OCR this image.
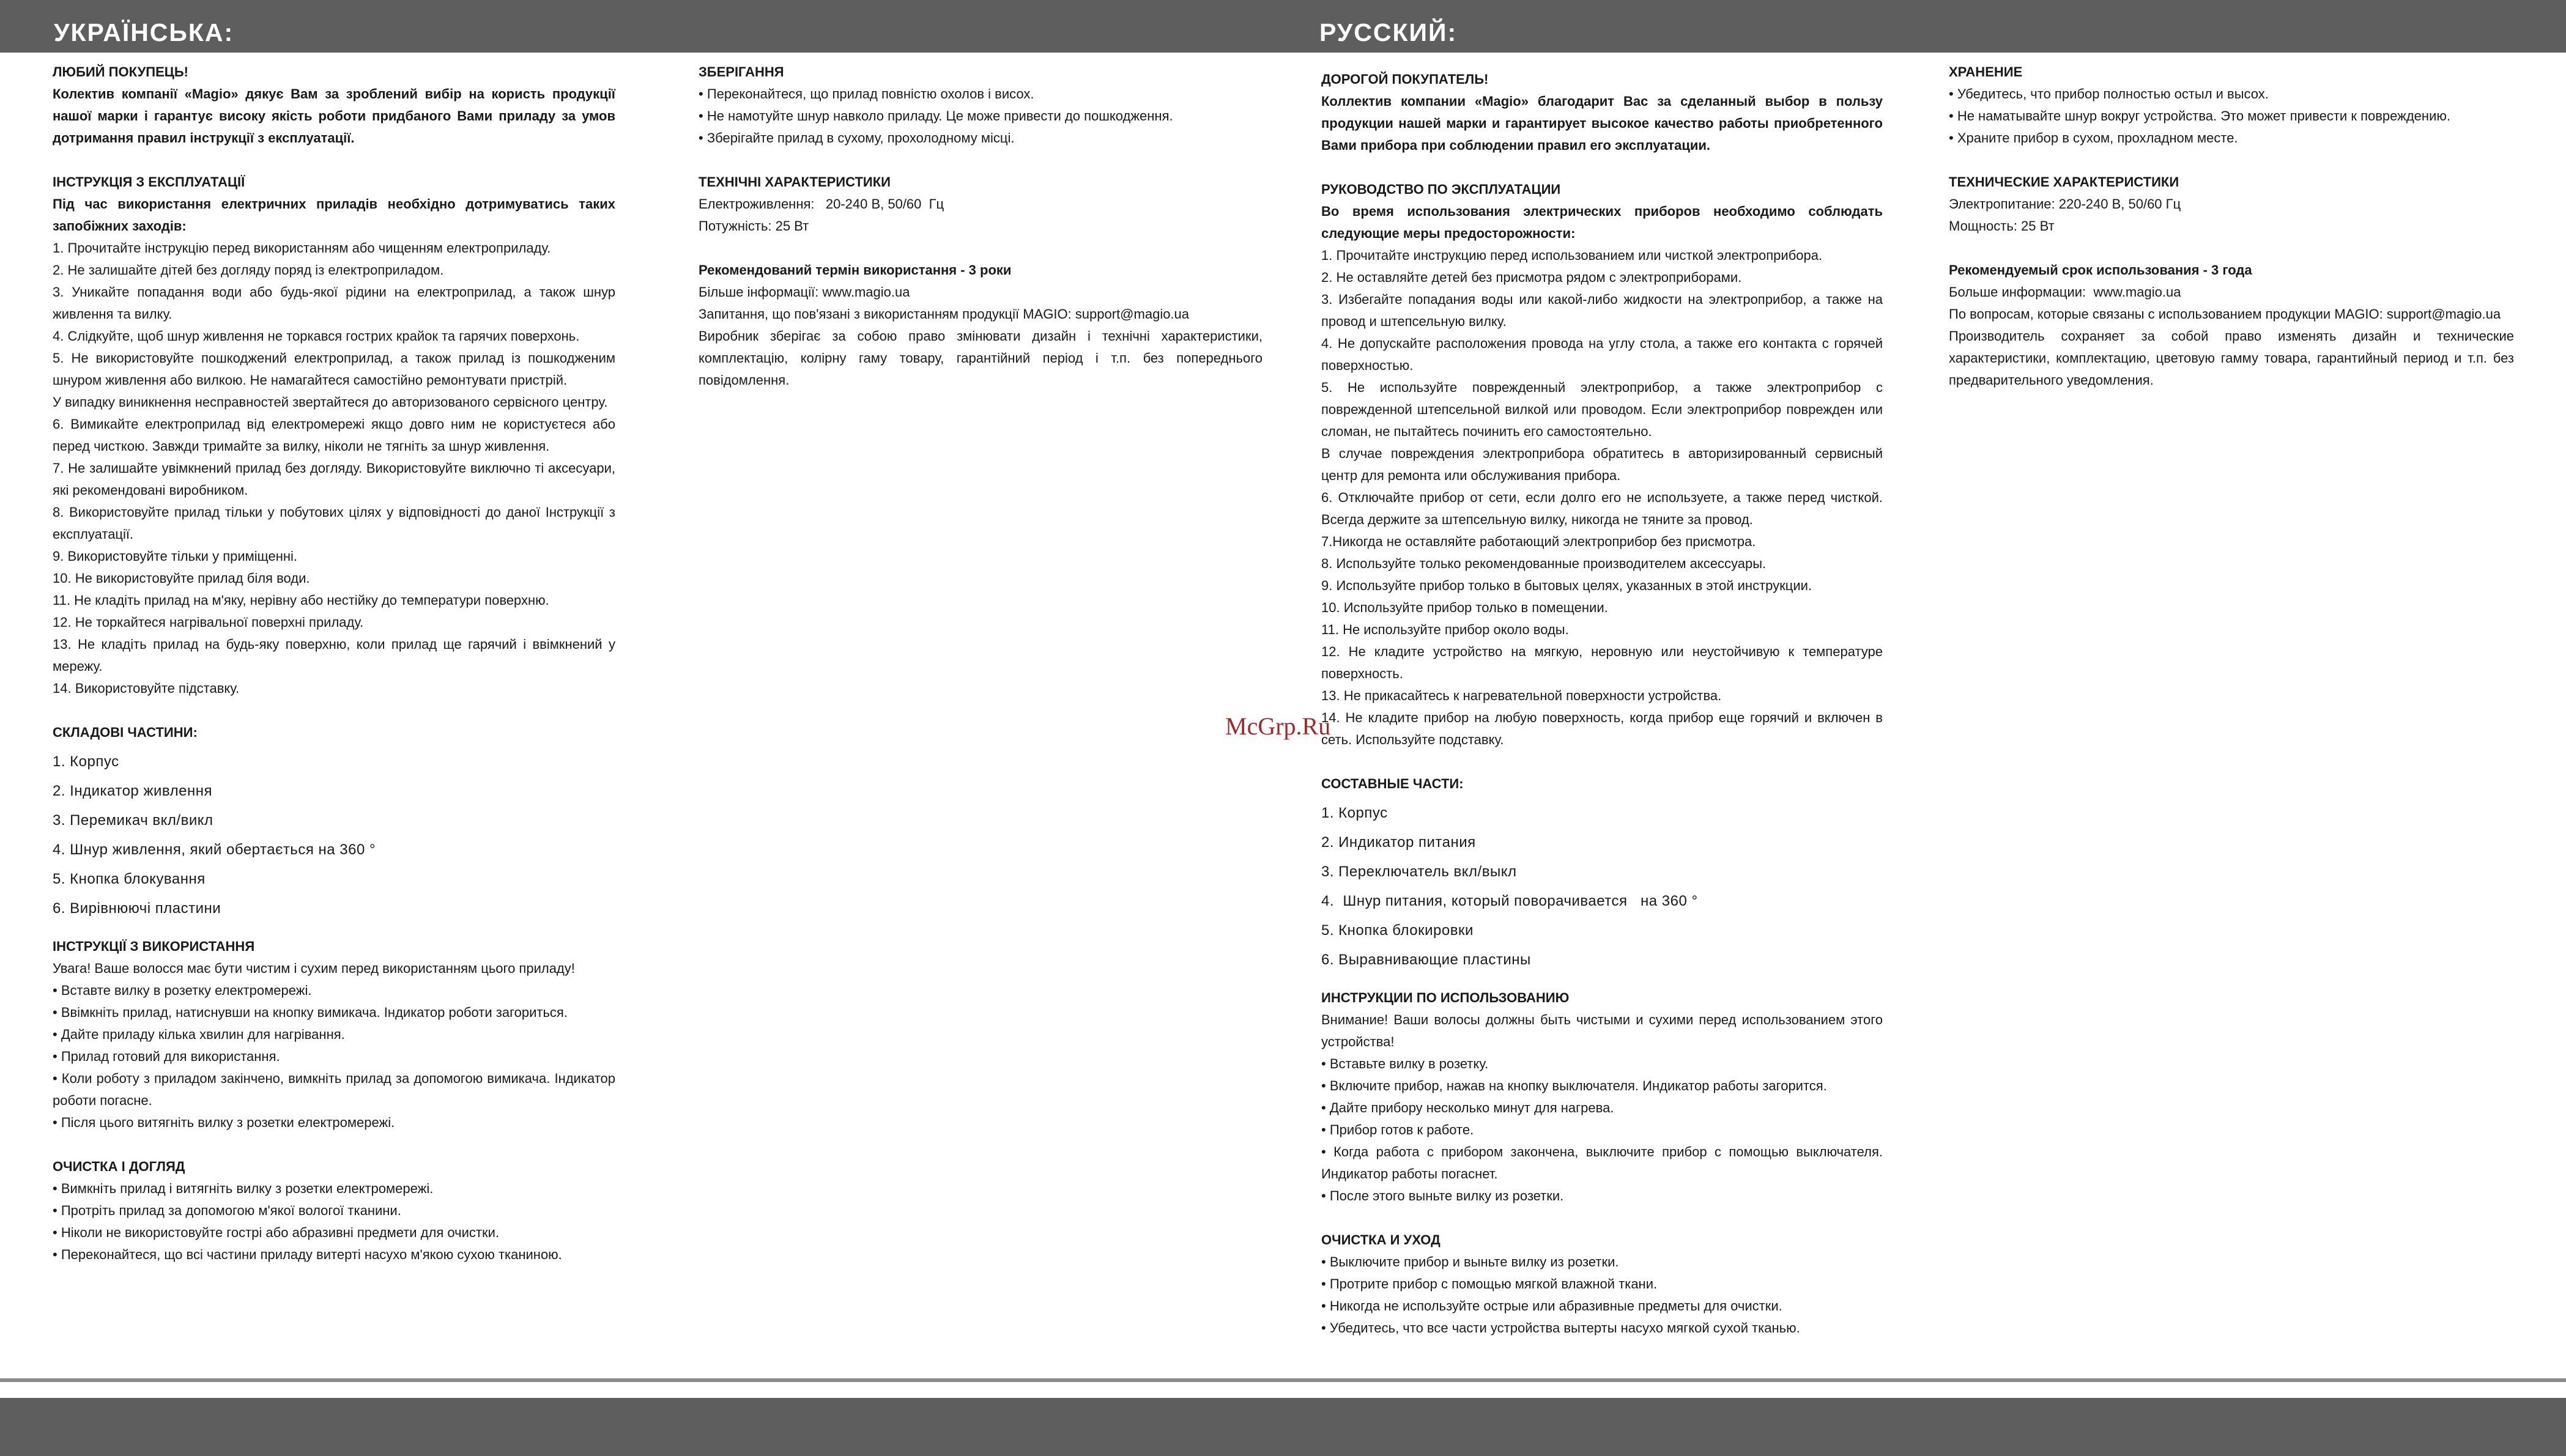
УКРАЇНСЬКА:	РУССКИЙ:

ЛЮБИЙ ПОКУПЕЦЬ!

Колектив компанії «Magio» дякує Вам за зроблений вибір на користь продукції нашої марки і гарантує високу якість роботи придбаного Вами приладу за умов дотримання правил інструкції з експлуатації.

ІНСТРУКЦІЯ З ЕКСПЛУАТАЦІЇ

Під час використання електричних приладів необхідно дотримуватись таких запобіжних заходів:

1. Прочитайте інструкцію перед використанням або чищенням електроприладу.

2. Не залишайте дітей без догляду поряд із електроприладом.

3. Уникайте попадання води або будь-якої рідини на електроприлад, а також шнур живлення та вилку.

4. Слідкуйте, щоб шнур живлення не торкався гострих крайок та гарячих поверхонь.

5. Не використовуйте пошкоджений електроприлад, а також прилад із пошкодженим шнуром живлення або вилкою. Не намагайтеся самостійно ремонтувати пристрій.

У випадку виникнення несправностей звертайтеся до авторизованого сервісного центру.

6. Вимикайте електроприлад від електромережі якщо довго ним не користуєтеся або перед чисткою. Завжди тримайте за вилку, ніколи не тягніть за шнур живлення.

7. Не залишайте увімкнений прилад без догляду. Використовуйте виключно ті аксесуари, які рекомендовані виробником.

8. Використовуйте прилад тільки у побутових цілях у відповідності до даної Інструкції з експлуатації.

9. Використовуйте тільки у приміщенні.

10. Не використовуйте прилад біля води.

11. Не кладіть прилад на м'яку, нерівну або нестійку до температури поверхню.

12. Не торкайтеся нагрівальної поверхні приладу.

13. Не кладіть прилад на будь-яку поверхню, коли прилад ще гарячий і ввімкнений у мережу.

14. Використовуйте підставку.

СКЛАДОВІ ЧАСТИНИ:

1. Корпус

2. Індикатор живлення

3. Перемикач вкл/викл

4. Шнур живлення, який обертається на 360 °

5. Кнопка блокування

6. Вирівнюючі пластини

ІНСТРУКЦІЇ З ВИКОРИСТАННЯ

Увага! Ваше волосся має бути чистим і сухим перед використанням цього приладу!

• Вставте вилку в розетку електромережі.

• Ввімкніть прилад, натиснувши на кнопку вимикача. Індикатор роботи загориться.

• Дайте приладу кілька хвилин для нагрівання.

• Прилад готовий для використання.

• Коли роботу з приладом закінчено, вимкніть прилад за допомогою вимикача. Індикатор роботи погасне.

• Після цього витягніть вилку з розетки електромережі.

ОЧИСТКА І ДОГЛЯД

• Вимкніть прилад і витягніть вилку з розетки електромережі.

• Протріть прилад за допомогою м'якої вологої тканини.

• Ніколи не використовуйте гострі або абразивні предмети для очистки.

• Переконайтеся, що всі частини приладу витерті насухо м'якою сухою тканиною.

ЗБЕРІГАННЯ

• Переконайтеся, що прилад повністю охолов і висох.

• Не намотуйте шнур навколо приладу. Це може привести до пошкодження.

• Зберігайте прилад в сухому, прохолодному місці.

ТЕХНІЧНІ ХАРАКТЕРИСТИКИ

Електроживлення:   20-240 В, 50/60  Гц

Потужність: 25 Вт

Рекомендований термін використання - 3 роки

Більше інформації: www.magio.ua

Запитання, що пов'язані з використанням продукції MAGIO: support@magio.ua

Виробник зберігає за собою право змінювати дизайн і технічні характеристики, комплектацію, колірну гаму товару, гарантійний період і т.п. без попереднього повідомлення.

ДОРОГОЙ ПОКУПАТЕЛЬ!

Коллектив компании «Magio» благодарит Вас за сделанный выбор в пользу продукции нашей марки и гарантирует высокое качество работы приобретенного Вами прибора при соблюдении правил его эксплуатации.

РУКОВОДСТВО ПО ЭКСПЛУАТАЦИИ

Во время использования электрических приборов необходимо соблюдать следующие меры предосторожности:

1. Прочитайте инструкцию перед использованием или чисткой электроприбора.

2. Не оставляйте детей без присмотра рядом с электроприборами.

3. Избегайте попадания воды или какой-либо жидкости на электроприбор, а также на провод и штепсельную вилку.

4. Не допускайте расположения провода на углу стола, а также его контакта с горячей поверхностью.

5. Не используйте поврежденный электроприбор, а также электроприбор с поврежденной штепсельной вилкой или проводом. Если электроприбор поврежден или сломан, не пытайтесь починить его самостоятельно.

В случае повреждения электроприбора обратитесь в авторизированный сервисный центр для ремонта или обслуживания прибора.

6. Отключайте прибор от сети, если долго его не используете, а также перед чисткой. Всегда держите за штепсельную вилку, никогда не тяните за провод.

7.Никогда не оставляйте работающий электроприбор без присмотра.

8. Используйте только рекомендованные производителем аксессуары.

9. Используйте прибор только в бытовых целях, указанных в этой инструкции.

10. Используйте прибор только в помещении.

11. Не используйте прибор около воды.

12. Не кладите устройство на мягкую, неровную или неустойчивую к температуре поверхность.

13. Не прикасайтесь к нагревательной поверхности устройства.

14. Не кладите прибор на любую поверхность, когда прибор еще горячий и включен в сеть. Используйте подставку.

СОСТАВНЫЕ ЧАСТИ:

1. Корпус

2. Индикатор питания

3. Переключатель вкл/выкл

4.  Шнур питания, который поворачивается   на 360 °

5. Кнопка блокировки

6. Выравнивающие пластины

ИНСТРУКЦИИ ПО ИСПОЛЬЗОВАНИЮ

Внимание! Ваши волосы должны быть чистыми и сухими перед использованием этого устройства!

• Вставьте вилку в розетку.

• Включите прибор, нажав на кнопку выключателя. Индикатор работы загорится.

• Дайте прибору несколько минут для нагрева.

• Прибор готов к работе.

• Когда работа с прибором закончена, выключите прибор с помощью выключателя. Индикатор работы погаснет.

• После этого выньте вилку из розетки.

ОЧИСТКА И УХОД

• Выключите прибор и выньте вилку из розетки.

• Протрите прибор с помощью мягкой влажной ткани.

• Никогда не используйте острые или абразивные предметы для очистки.

• Убедитесь, что все части устройства вытерты насухо мягкой сухой тканью.

ХРАНЕНИЕ

• Убедитесь, что прибор полностью остыл и высох.

• Не наматывайте шнур вокруг устройства. Это может привести к повреждению.

• Храните прибор в сухом, прохладном месте.

ТЕХНИЧЕСКИЕ ХАРАКТЕРИСТИКИ

Электропитание: 220-240 В, 50/60 Гц

Мощность: 25 Вт

Рекомендуемый срок использования - 3 года

Больше информации:  www.magio.ua

По вопросам, которые связаны с использованием продукции MAGIO: support@magio.ua

Производитель сохраняет за собой право изменять дизайн и технические характеристики, комплектацию, цветовую гамму товара, гарантийный период и т.п. без предварительного уведомления.

McGrp.Ru
